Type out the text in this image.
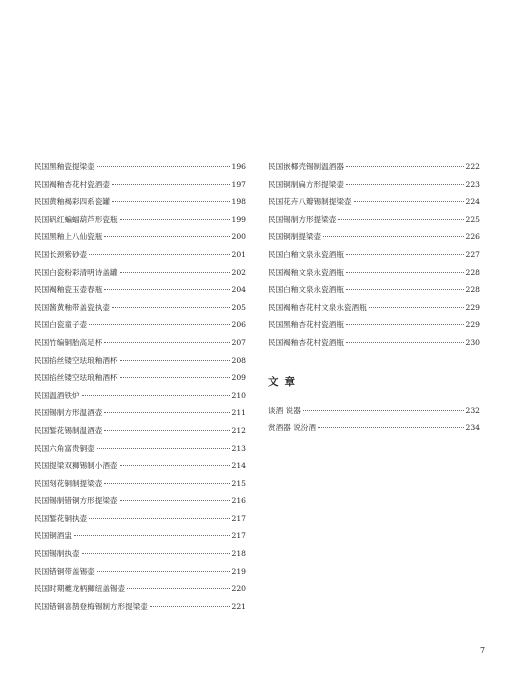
民国黑釉瓷提梁壶	196
民国褐釉杏花村瓷酒壶	197
民国黄釉褐彩四系瓷罐	198
民国矾红蝙蝠葫芦形瓷瓶	199
民国黑釉上八仙瓷瓶	200
民国长颈紫砂壶	201
民国白瓷粉彩清明诗盖罐	202
民国褐釉瓷玉壶春瓶	204
民国酱黄釉带盖瓷执壶	205
民国白瓷童子壶	206
民国竹编铜胎高足杯	207
民国掐丝镂空珐琅釉酒杯	208
民国掐丝镂空珐琅釉酒杯	209
民国温酒铁炉	210
民国锡制方形温酒壶	211
民国錾花锡制温酒壶	212
民国六角富贵铜壶	213
民国提梁双狮锡制小酒壶	214
民国刻花铜制提梁壶	215
民国锡制错铜方形提梁壶	216
民国錾花铜执壶	217
民国铜酒盅	217
民国锡制执壶	218
民国错铜带盖锡壶	219
民国时期夔龙柄狮纽盖锡壶	220
民国错铜喜鹊登梅锡制方形提梁壶	221
民国嵌椰壳锡制温酒器	222
民国铜制扁方形提梁壶	223
民国花卉八瓣锡制提梁壶	224
民国锡制方形提梁壶	225
民国铜制提梁壶	226
民国白釉文泉永瓷酒瓶	227
民国褐釉文泉永瓷酒瓶	228
民国白釉文泉永瓷酒瓶	228
民国褐釉杏花村文泉永瓷酒瓶	229
民国黑釉杏花村瓷酒瓶	229
民国褐釉杏花村瓷酒瓶	230
文章
谈酒 说器	232
赏酒器 说汾酒	234
7
